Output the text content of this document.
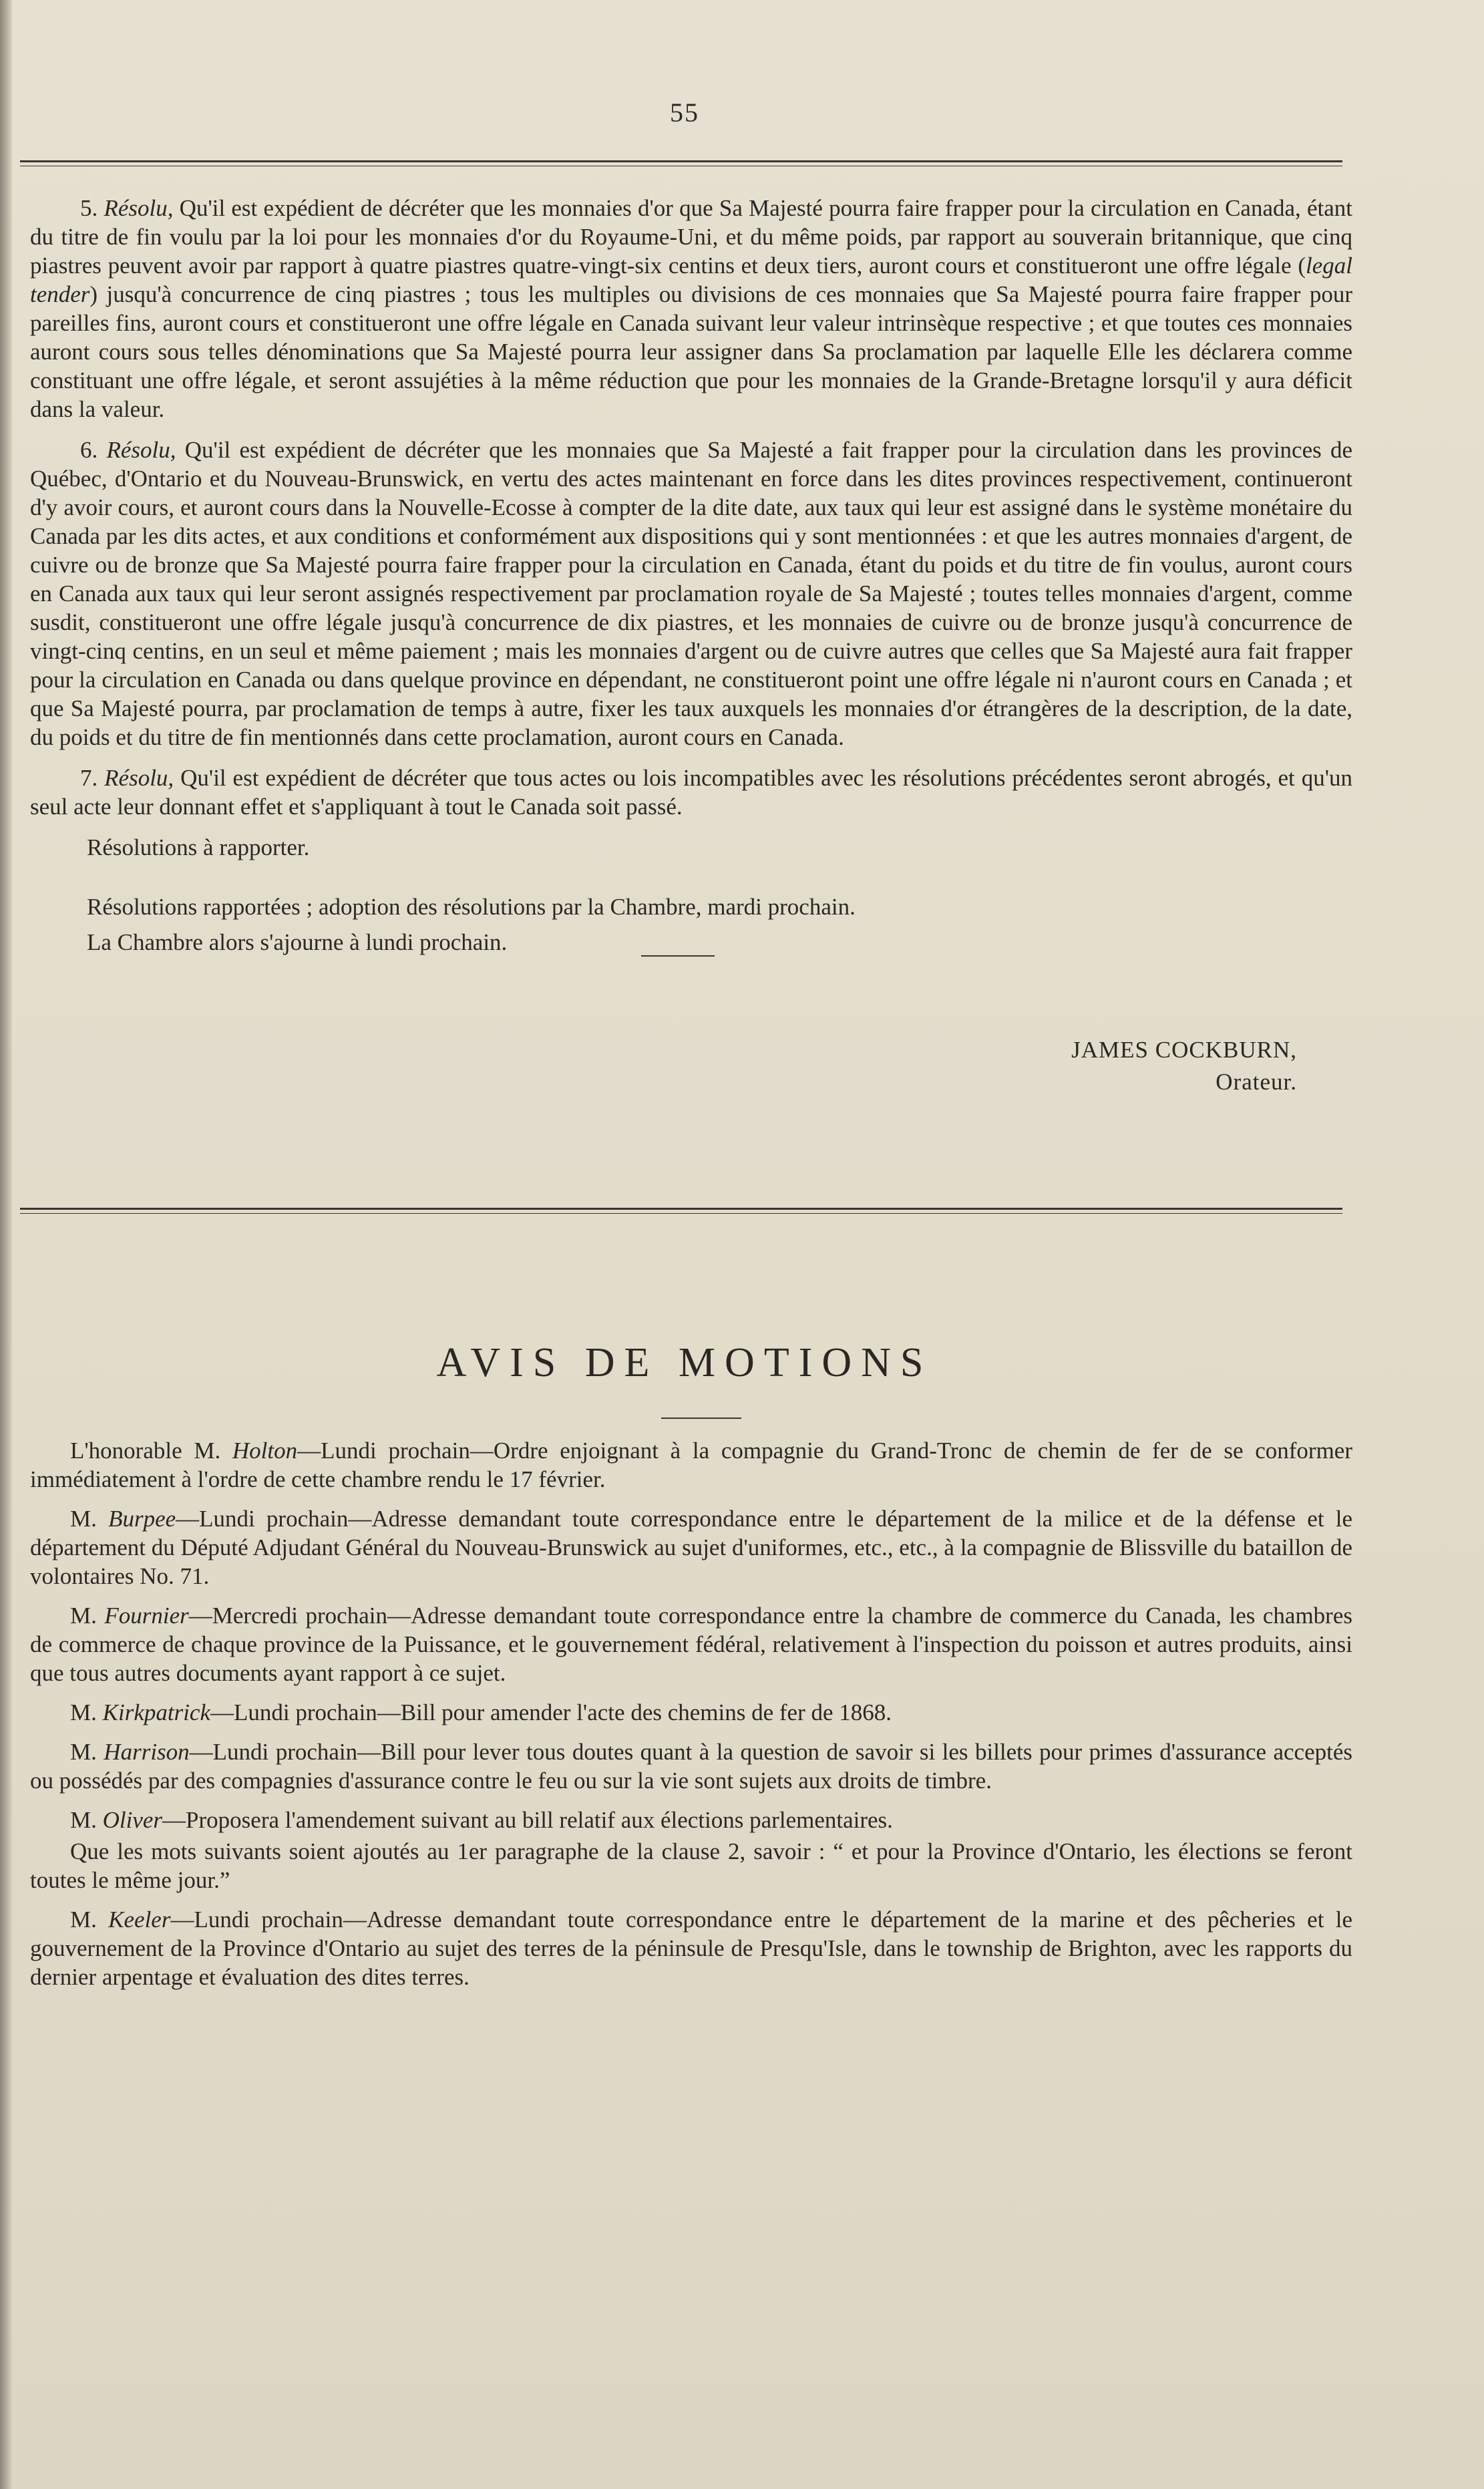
55

5. Résolu, Qu'il est expédient de décréter que les monnaies d'or que Sa Majesté pourra faire frapper pour la circulation en Canada, étant du titre de fin voulu par la loi pour les monnaies d'or du Royaume-Uni, et du même poids, par rapport au souverain britannique, que cinq piastres peuvent avoir par rapport à quatre piastres quatre-vingt-six centins et deux tiers, auront cours et constitueront une offre légale (legal tender) jusqu'à concurrence de cinq piastres ; tous les multiples ou divisions de ces monnaies que Sa Majesté pourra faire frapper pour pareilles fins, auront cours et constitueront une offre légale en Canada suivant leur valeur intrinsèque respective ; et que toutes ces monnaies auront cours sous telles dénominations que Sa Majesté pourra leur assigner dans Sa proclamation par laquelle Elle les déclarera comme constituant une offre légale, et seront assujéties à la même réduction que pour les monnaies de la Grande-Bretagne lorsqu'il y aura déficit dans la valeur.

6. Résolu, Qu'il est expédient de décréter que les monnaies que Sa Majesté a fait frapper pour la circulation dans les provinces de Québec, d'Ontario et du Nouveau-Brunswick, en vertu des actes maintenant en force dans les dites provinces respectivement, continueront d'y avoir cours, et auront cours dans la Nouvelle-Ecosse à compter de la dite date, aux taux qui leur est assigné dans le système monétaire du Canada par les dits actes, et aux conditions et conformément aux dispositions qui y sont mentionnées : et que les autres monnaies d'argent, de cuivre ou de bronze que Sa Majesté pourra faire frapper pour la circulation en Canada, étant du poids et du titre de fin voulus, auront cours en Canada aux taux qui leur seront assignés respectivement par proclamation royale de Sa Majesté ; toutes telles monnaies d'argent, comme susdit, constitueront une offre légale jusqu'à concurrence de dix piastres, et les monnaies de cuivre ou de bronze jusqu'à concurrence de vingt-cinq centins, en un seul et même paiement ; mais les monnaies d'argent ou de cuivre autres que celles que Sa Majesté aura fait frapper pour la circulation en Canada ou dans quelque province en dépendant, ne constitueront point une offre légale ni n'auront cours en Canada ; et que Sa Majesté pourra, par proclamation de temps à autre, fixer les taux auxquels les monnaies d'or étrangères de la description, de la date, du poids et du titre de fin mentionnés dans cette proclamation, auront cours en Canada.

7. Résolu, Qu'il est expédient de décréter que tous actes ou lois incompatibles avec les résolutions précédentes seront abrogés, et qu'un seul acte leur donnant effet et s'appliquant à tout le Canada soit passé.

Résolutions à rapporter.

Résolutions rapportées ; adoption des résolutions par la Chambre, mardi prochain.

La Chambre alors s'ajourne à lundi prochain.

JAMES COCKBURN,
Orateur.
AVIS DE MOTIONS

L'honorable M. Holton—Lundi prochain—Ordre enjoignant à la compagnie du Grand-Tronc de chemin de fer de se conformer immédiatement à l'ordre de cette chambre rendu le 17 février.

M. Burpee—Lundi prochain—Adresse demandant toute correspondance entre le département de la milice et de la défense et le département du Député Adjudant Général du Nouveau-Brunswick au sujet d'uniformes, etc., etc., à la compagnie de Blissville du bataillon de volontaires No. 71.

M. Fournier—Mercredi prochain—Adresse demandant toute correspondance entre la chambre de commerce du Canada, les chambres de commerce de chaque province de la Puissance, et le gouvernement fédéral, relativement à l'inspection du poisson et autres produits, ainsi que tous autres documents ayant rapport à ce sujet.

M. Kirkpatrick—Lundi prochain—Bill pour amender l'acte des chemins de fer de 1868.

M. Harrison—Lundi prochain—Bill pour lever tous doutes quant à la question de savoir si les billets pour primes d'assurance acceptés ou possédés par des compagnies d'assurance contre le feu ou sur la vie sont sujets aux droits de timbre.

M. Oliver—Proposera l'amendement suivant au bill relatif aux élections parlementaires.

Que les mots suivants soient ajoutés au 1er paragraphe de la clause 2, savoir : “ et pour la Province d'Ontario, les élections se feront toutes le même jour.”

M. Keeler—Lundi prochain—Adresse demandant toute correspondance entre le département de la marine et des pêcheries et le gouvernement de la Province d'Ontario au sujet des terres de la péninsule de Presqu'Isle, dans le township de Brighton, avec les rapports du dernier arpentage et évaluation des dites terres.
